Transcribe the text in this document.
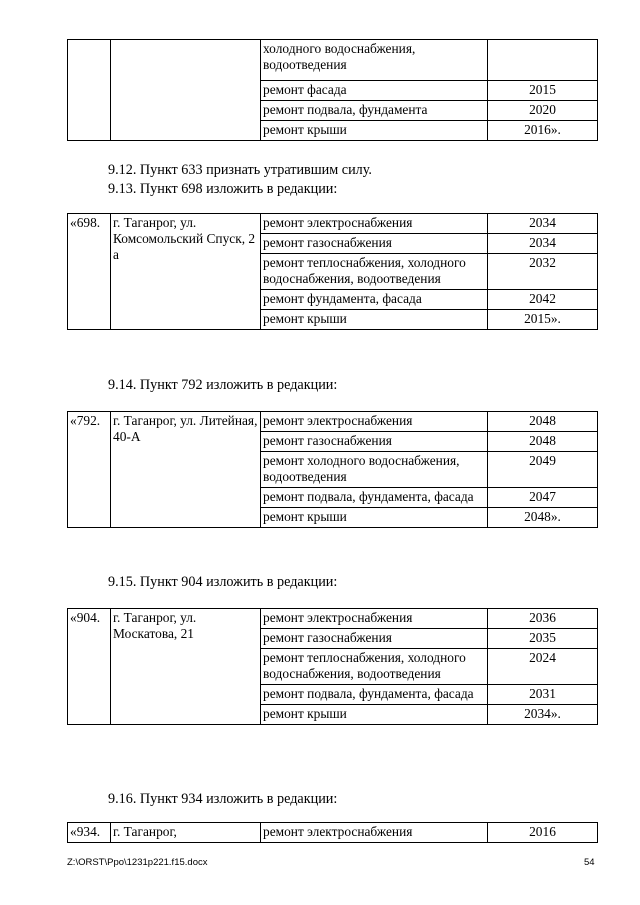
		холодного водоснабжения, водоотведения	
		ремонт фасада	2015
		ремонт подвала, фундамента	2020
		ремонт крыши	2016».
9.12. Пункт 633 признать утратившим силу.
9.13. Пункт 698 изложить в редакции:
«698.	г. Таганрог, ул. Комсомольский Спуск, 2 а	ремонт электроснабжения	2034
		ремонт газоснабжения	2034
		ремонт теплоснабжения, холодного водоснабжения, водоотведения	2032
		ремонт фундамента, фасада	2042
		ремонт крыши	2015».
9.14. Пункт 792 изложить в редакции:
«792.	г. Таганрог, ул. Литейная, 40-А	ремонт электроснабжения	2048
		ремонт газоснабжения	2048
		ремонт холодного водоснабжения, водоотведения	2049
		ремонт подвала, фундамента, фасада	2047
		ремонт крыши	2048».
9.15. Пункт 904 изложить в редакции:
«904.	г. Таганрог, ул. Москатова, 21	ремонт электроснабжения	2036
		ремонт газоснабжения	2035
		ремонт теплоснабжения, холодного водоснабжения, водоотведения	2024
		ремонт подвала, фундамента, фасада	2031
		ремонт крыши	2034».
9.16. Пункт 934 изложить в редакции:
«934.	г. Таганрог,	ремонт электроснабжения	2016
Z:\ORST\Ppo\1231p221.f15.docx	54
